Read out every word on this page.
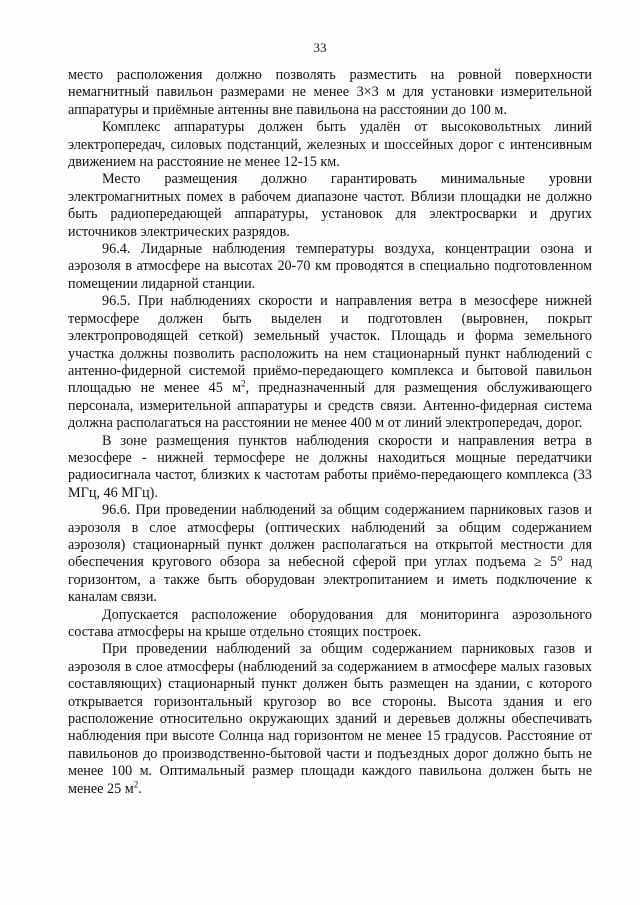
33

место расположения должно позволять разместить на ровной поверхности немагнитный павильон размерами не менее 3×3 м для установки измерительной аппаратуры и приёмные антенны вне павильона на расстоянии до 100 м.

Комплекс аппаратуры должен быть удалён от высоковольтных линий электропередач, силовых подстанций, железных и шоссейных дорог с интенсивным движением на расстояние не менее 12-15 км.

Место размещения должно гарантировать минимальные уровни электромагнитных помех в рабочем диапазоне частот. Вблизи площадки не должно быть радиопередающей аппаратуры, установок для электросварки и других источников электрических разрядов.

96.4. Лидарные наблюдения температуры воздуха, концентрации озона и аэрозоля в атмосфере на высотах 20-70 км проводятся в специально подготовленном помещении лидарной станции.

96.5. При наблюдениях скорости и направления ветра в мезосфере нижней термосфере должен быть выделен и подготовлен (выровнен, покрыт электропроводящей сеткой) земельный участок. Площадь и форма земельного участка должны позволить расположить на нем стационарный пункт наблюдений с антенно-фидерной системой приёмо-передающего комплекса и бытовой павильон площадью не менее 45 $м^2$, предназначенный для размещения обслуживающего персонала, измерительной аппаратуры и средств связи. Антенно-фидерная система должна располагаться на расстоянии не менее 400 м от линий электропередач, дорог.

В зоне размещения пунктов наблюдения скорости и направления ветра в мезосфере - нижней термосфере не должны находиться мощные передатчики радиосигнала частот, близких к частотам работы приёмо-передающего комплекса (33 МГц, 46 МГц).

96.6. При проведении наблюдений за общим содержанием парниковых газов и аэрозоля в слое атмосферы (оптических наблюдений за общим содержанием аэрозоля) стационарный пункт должен располагаться на открытой местности для обеспечения кругового обзора за небесной сферой при углах подъема ≥ 5° над горизонтом, а также быть оборудован электропитанием и иметь подключение к каналам связи.

Допускается расположение оборудования для мониторинга аэрозольного состава атмосферы на крыше отдельно стоящих построек.

При проведении наблюдений за общим содержанием парниковых газов и аэрозоля в слое атмосферы (наблюдений за содержанием в атмосфере малых газовых составляющих) стационарный пункт должен быть размещен на здании, с которого открывается горизонтальный кругозор во все стороны. Высота здания и его расположение относительно окружающих зданий и деревьев должны обеспечивать наблюдения при высоте Солнца над горизонтом не менее 15 градусов. Расстояние от павильонов до производственно-бытовой части и подъездных дорог должно быть не менее 100 м. Оптимальный размер площади каждого павильона должен быть не менее 25 $м^2$.
